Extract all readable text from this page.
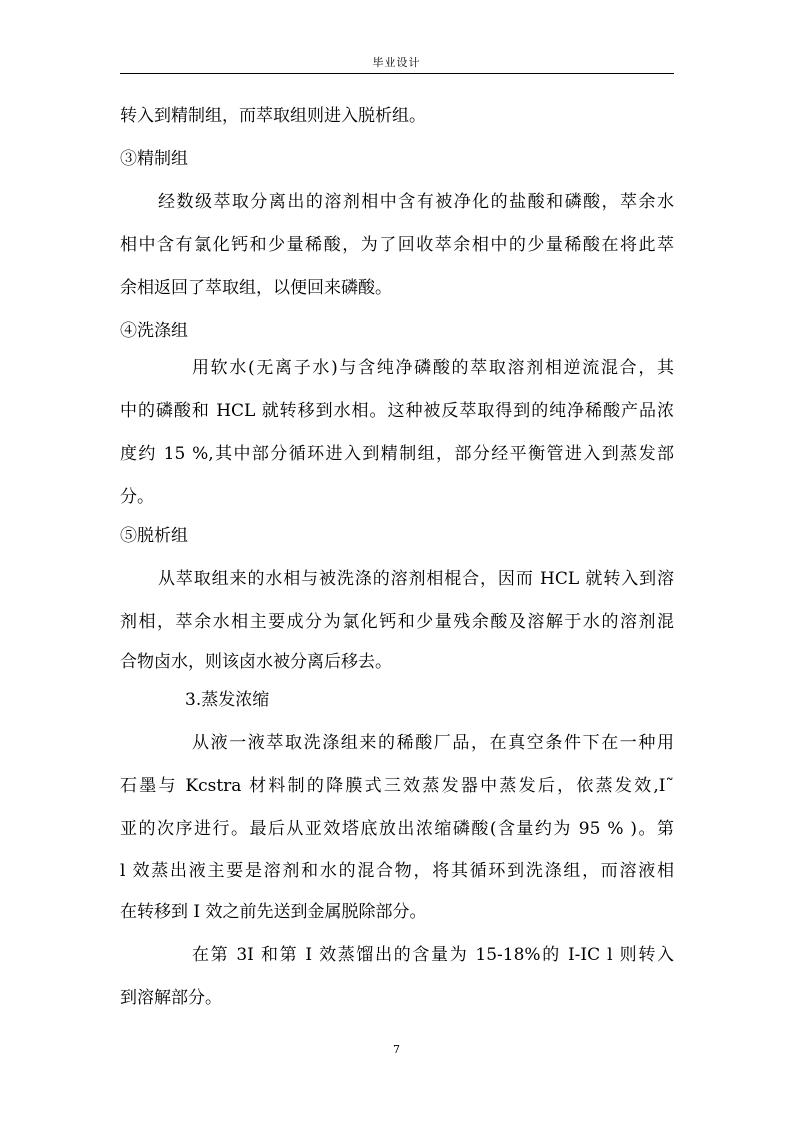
毕业设计
转入到精制组，而萃取组则进入脱析组。
③精制组
经数级萃取分离出的溶剂相中含有被净化的盐酸和磷酸，萃余水
相中含有氯化钙和少量稀酸，为了回收萃余相中的少量稀酸在将此萃
余相返回了萃取组，以便回来磷酸。
④洗涤组
用软水(无离子水)与含纯净磷酸的萃取溶剂相逆流混合，其
中的磷酸和 HCL 就转移到水相。这种被反萃取得到的纯净稀酸产品浓
度约 15 %,其中部分循环进入到精制组，部分经平衡管进入到蒸发部
分。
⑤脱析组
从萃取组来的水相与被洗涤的溶剂相棍合，因而 HCL 就转入到溶
剂相，萃余水相主要成分为氯化钙和少量残余酸及溶解于水的溶剂混
合物卤水，则该卤水被分离后移去。
3.蒸发浓缩
从液一液萃取洗涤组来的稀酸厂品，在真空条件下在一种用
石墨与 Kcstra 材料制的降膜式三效蒸发器中蒸发后，依蒸发效,I˜
亚的次序进行。最后从亚效塔底放出浓缩磷酸(含量约为 95 % )。第
l 效蒸出液主要是溶剂和水的混合物，将其循环到洗涤组，而溶液相
在转移到 I 效之前先送到金属脱除部分。
在第 3I 和第 I 效蒸馏出的含量为 15-18%的 I-IC l 则转入
到溶解部分。
7
